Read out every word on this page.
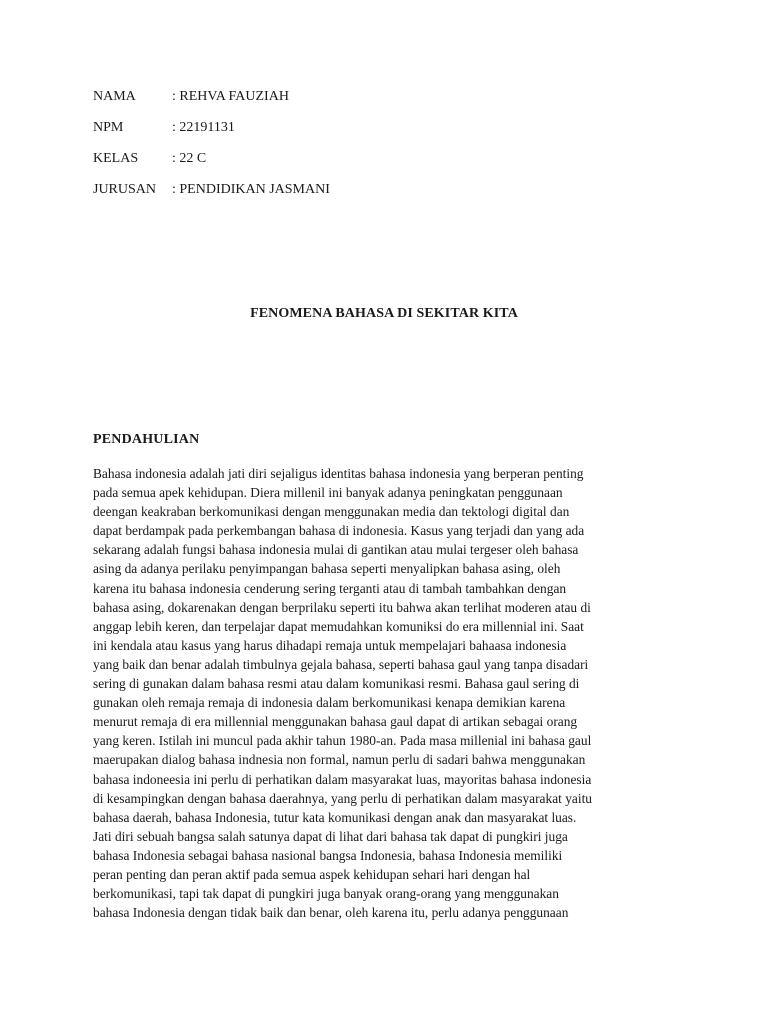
NAMA	: REHVA FAUZIAH
NPM	: 22191131
KELAS	: 22 C
JURUSAN	: PENDIDIKAN JASMANI
FENOMENA BAHASA DI SEKITAR KITA
PENDAHULIAN
Bahasa indonesia adalah jati diri sejaligus identitas bahasa indonesia yang berperan penting
pada semua apek kehidupan. Diera millenil ini banyak adanya peningkatan penggunaan
deengan keakraban berkomunikasi dengan menggunakan media dan tektologi digital dan
dapat berdampak pada perkembangan bahasa di indonesia. Kasus yang terjadi dan yang ada
sekarang adalah fungsi bahasa indonesia mulai di gantikan atau mulai tergeser oleh bahasa
asing da adanya perilaku penyimpangan bahasa seperti menyalipkan bahasa asing, oleh
karena itu bahasa indonesia cenderung sering terganti atau di tambah tambahkan dengan
bahasa asing, dokarenakan dengan berprilaku seperti itu bahwa akan terlihat moderen atau di
anggap lebih keren, dan terpelajar dapat memudahkan komuniksi do era millennial ini. Saat
ini kendala atau kasus yang harus dihadapi remaja untuk mempelajari bahaasa indonesia
yang baik dan benar adalah timbulnya gejala bahasa, seperti bahasa gaul yang tanpa disadari
sering di gunakan dalam bahasa resmi atau dalam komunikasi resmi. Bahasa gaul sering di
gunakan oleh remaja remaja di indonesia dalam berkomunikasi kenapa demikian karena
menurut remaja di era millennial menggunakan bahasa gaul dapat di artikan sebagai orang
yang keren. Istilah ini muncul pada akhir tahun 1980-an. Pada masa millenial ini bahasa gaul
maerupakan dialog bahasa indnesia non formal, namun perlu di sadari bahwa menggunakan
bahasa indoneesia ini perlu di perhatikan dalam masyarakat luas, mayoritas bahasa indonesia
di kesampingkan dengan bahasa daerahnya, yang perlu di perhatikan dalam masyarakat yaitu
bahasa daerah, bahasa Indonesia, tutur kata komunikasi dengan anak dan masyarakat luas.
Jati diri sebuah bangsa salah satunya dapat di lihat dari bahasa tak dapat di pungkiri juga
bahasa Indonesia sebagai bahasa nasional bangsa Indonesia, bahasa Indonesia memiliki
peran penting dan peran aktif pada semua aspek kehidupan sehari hari dengan hal
berkomunikasi, tapi tak dapat di pungkiri juga banyak orang-orang yang menggunakan
bahasa Indonesia dengan tidak baik dan benar, oleh karena itu, perlu adanya penggunaan
